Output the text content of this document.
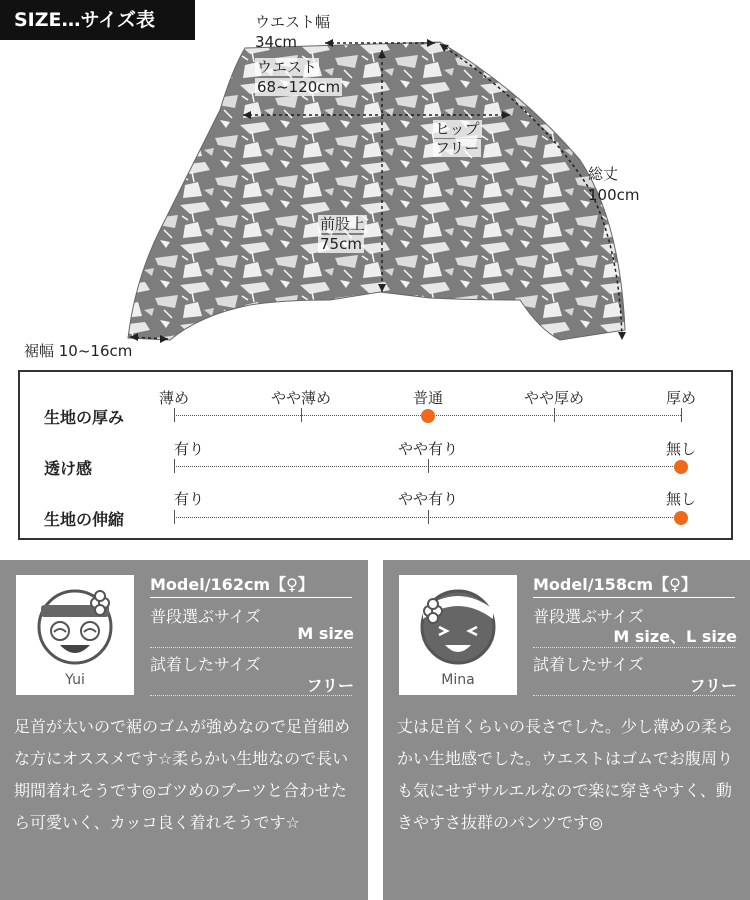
SIZE…サイズ表	ウエスト幅
34cm
ウエスト
68~120cm
ヒップ
フリー
総丈
100cm
前股上
75cm
裾幅 10~16cm
生地の厚み
薄め	やや薄め	普通	やや厚め	厚め
透け感
有り	やや有り	無し
生地の伸縮
有り	やや有り	無し
Yui
Model/162cm【♀】
普段選ぶサイズ
M size
試着したサイズ
フリー
足首が太いので裾のゴムが強めなので足首細めな方にオススメです☆柔らかい生地なので長い期間着れそうです◎ゴツめのブーツと合わせたら可愛いく、カッコ良く着れそうです☆
Mina
Model/158cm【♀】
普段選ぶサイズ
M size、L size
試着したサイズ
フリー
丈は足首くらいの長さでした。少し薄めの柔らかい生地感でした。ウエストはゴムでお腹周りも気にせずサルエルなので楽に穿きやすく、動きやすさ抜群のパンツです◎
